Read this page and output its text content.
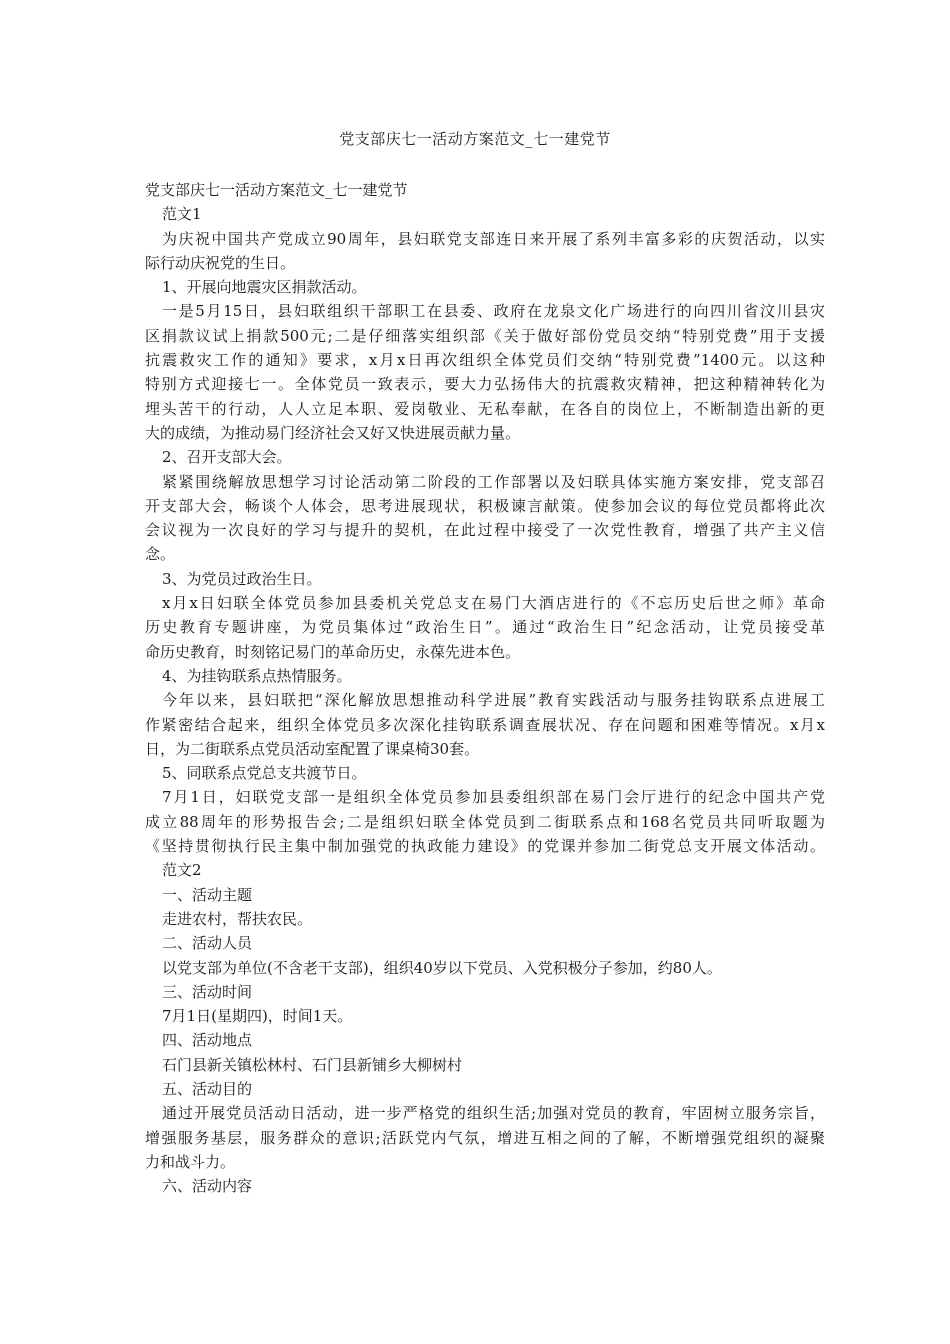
党支部庆七一活动方案范文_七一建党节
党支部庆七一活动方案范文_七一建党节
范文1
为庆祝中国共产党成立90周年，县妇联党支部连日来开展了系列丰富多彩的庆贺活动，以实
际行动庆祝党的生日。
1、开展向地震灾区捐款活动。
一是5月15日，县妇联组织干部职工在县委、政府在龙泉文化广场进行的向四川省汶川县灾
区捐款议试上捐款500元;二是仔细落实组织部《关于做好部份党员交纳“特别党费”用于支援
抗震救灾工作的通知》要求，x月x日再次组织全体党员们交纳“特别党费”1400元。以这种
特别方式迎接七一。全体党员一致表示，要大力弘扬伟大的抗震救灾精神，把这种精神转化为
埋头苦干的行动，人人立足本职、爱岗敬业、无私奉献，在各自的岗位上，不断制造出新的更
大的成绩，为推动易门经济社会又好又快进展贡献力量。
2、召开支部大会。
紧紧围绕解放思想学习讨论活动第二阶段的工作部署以及妇联具体实施方案安排，党支部召
开支部大会，畅谈个人体会，思考进展现状，积极谏言献策。使参加会议的每位党员都将此次
会议视为一次良好的学习与提升的契机，在此过程中接受了一次党性教育，增强了共产主义信
念。
3、为党员过政治生日。
x月x日妇联全体党员参加县委机关党总支在易门大酒店进行的《不忘历史后世之师》革命
历史教育专题讲座，为党员集体过“政治生日”。通过“政治生日”纪念活动，让党员接受革
命历史教育，时刻铭记易门的革命历史，永葆先进本色。
4、为挂钩联系点热情服务。
今年以来，县妇联把“深化解放思想推动科学进展”教育实践活动与服务挂钩联系点进展工
作紧密结合起来，组织全体党员多次深化挂钩联系调查展状况、存在问题和困难等情况。x月x
日，为二街联系点党员活动室配置了课桌椅30套。
5、同联系点党总支共渡节日。
7月1日，妇联党支部一是组织全体党员参加县委组织部在易门会厅进行的纪念中国共产党
成立88周年的形势报告会;二是组织妇联全体党员到二街联系点和168名党员共同听取题为
《坚持贯彻执行民主集中制加强党的执政能力建设》的党课并参加二街党总支开展文体活动。
范文2
一、活动主题
走进农村，帮扶农民。
二、活动人员
以党支部为单位(不含老干支部)，组织40岁以下党员、入党积极分子参加，约80人。
三、活动时间
7月1日(星期四)，时间1天。
四、活动地点
石门县新关镇松林村、石门县新铺乡大柳树村
五、活动目的
通过开展党员活动日活动，进一步严格党的组织生活;加强对党员的教育，牢固树立服务宗旨，
增强服务基层，服务群众的意识;活跃党内气氛，增进互相之间的了解，不断增强党组织的凝聚
力和战斗力。
六、活动内容
